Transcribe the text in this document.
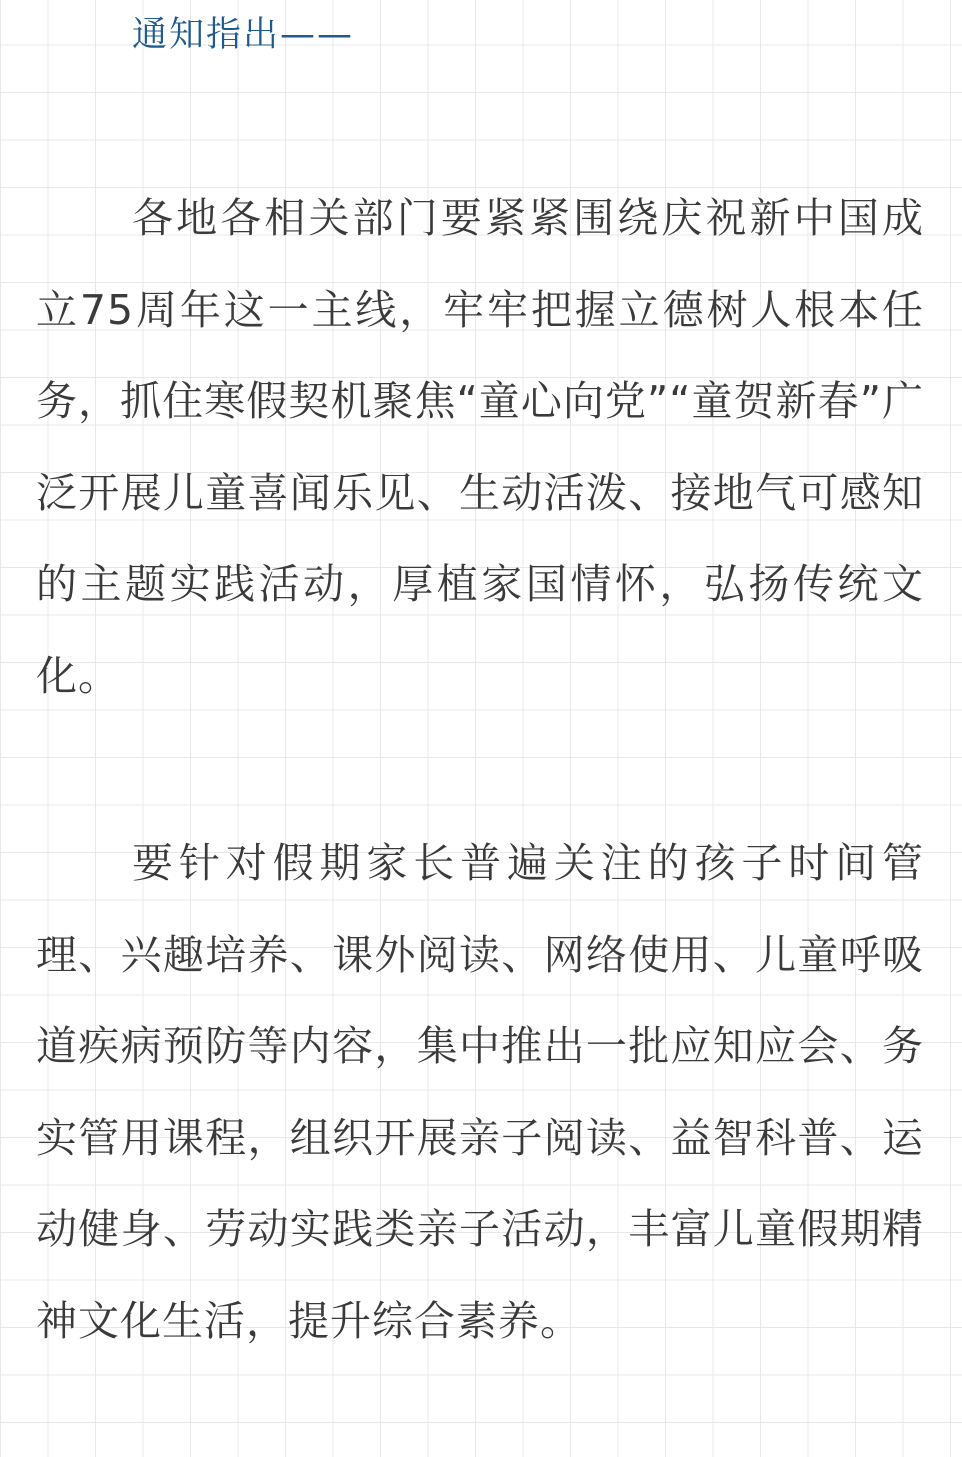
通知指出——

各地各相关部门要紧紧围绕庆祝新中国成立75周年这一主线，牢牢把握立德树人根本任务，抓住寒假契机聚焦“童心向党”“童贺新春”广泛开展儿童喜闻乐见、生动活泼、接地气可感知的主题实践活动，厚植家国情怀，弘扬传统文化。

要针对假期家长普遍关注的孩子时间管理、兴趣培养、课外阅读、网络使用、儿童呼吸道疾病预防等内容，集中推出一批应知应会、务实管用课程，组织开展亲子阅读、益智科普、运动健身、劳动实践类亲子活动，丰富儿童假期精神文化生活，提升综合素养。
